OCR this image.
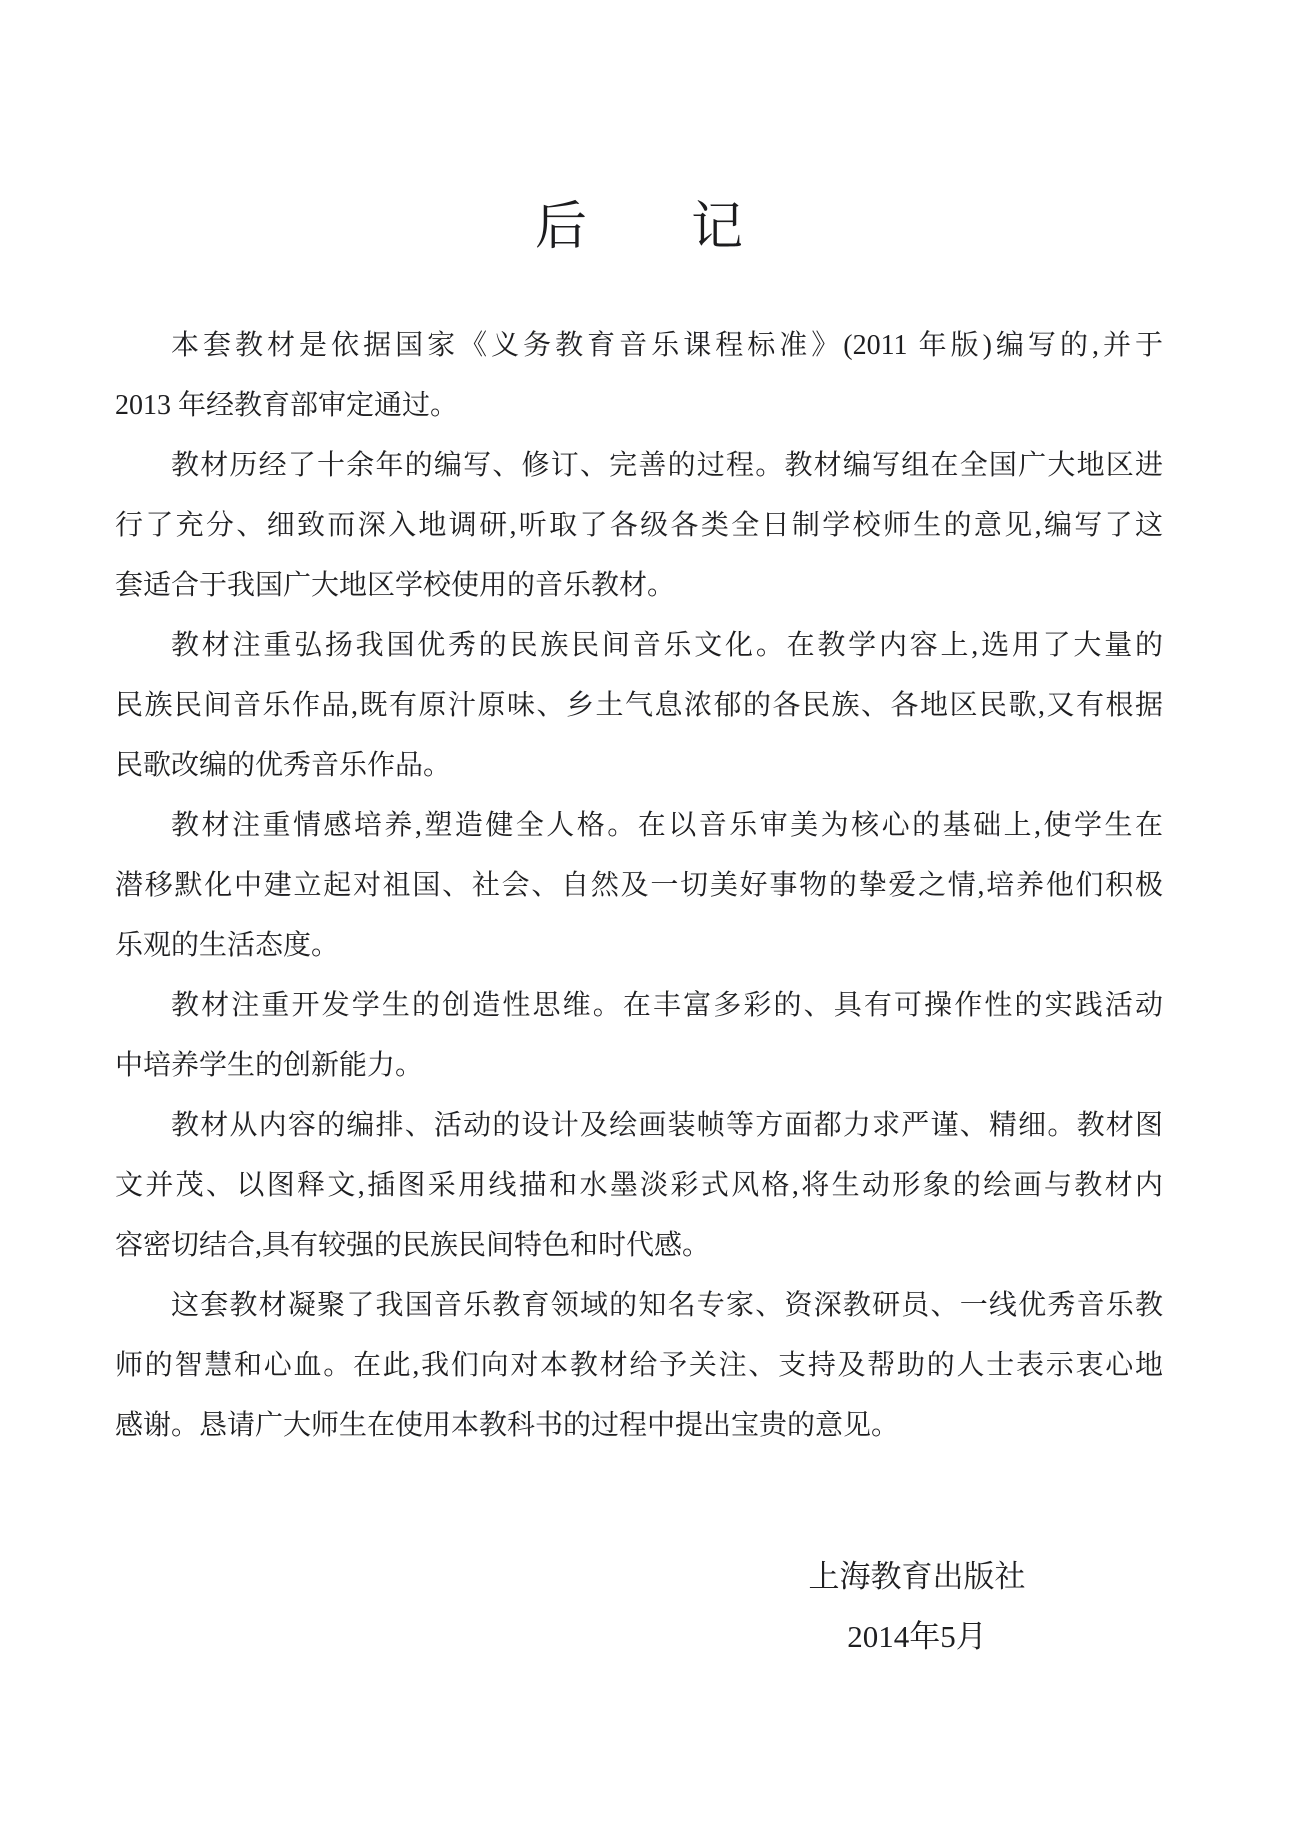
后 记
本套教材是依据国家《义务教育音乐课程标准》(2011 年版)编写的,并于
2013 年经教育部审定通过。
教材历经了十余年的编写、修订、完善的过程。教材编写组在全国广大地区进
行了充分、细致而深入地调研,听取了各级各类全日制学校师生的意见,编写了这
套适合于我国广大地区学校使用的音乐教材。
教材注重弘扬我国优秀的民族民间音乐文化。在教学内容上,选用了大量的
民族民间音乐作品,既有原汁原味、乡土气息浓郁的各民族、各地区民歌,又有根据
民歌改编的优秀音乐作品。
教材注重情感培养,塑造健全人格。在以音乐审美为核心的基础上,使学生在
潜移默化中建立起对祖国、社会、自然及一切美好事物的挚爱之情,培养他们积极
乐观的生活态度。
教材注重开发学生的创造性思维。在丰富多彩的、具有可操作性的实践活动
中培养学生的创新能力。
教材从内容的编排、活动的设计及绘画装帧等方面都力求严谨、精细。教材图
文并茂、以图释文,插图采用线描和水墨淡彩式风格,将生动形象的绘画与教材内
容密切结合,具有较强的民族民间特色和时代感。
这套教材凝聚了我国音乐教育领域的知名专家、资深教研员、一线优秀音乐教
师的智慧和心血。在此,我们向对本教材给予关注、支持及帮助的人士表示衷心地
感谢。恳请广大师生在使用本教科书的过程中提出宝贵的意见。
上海教育出版社
2014年5月
